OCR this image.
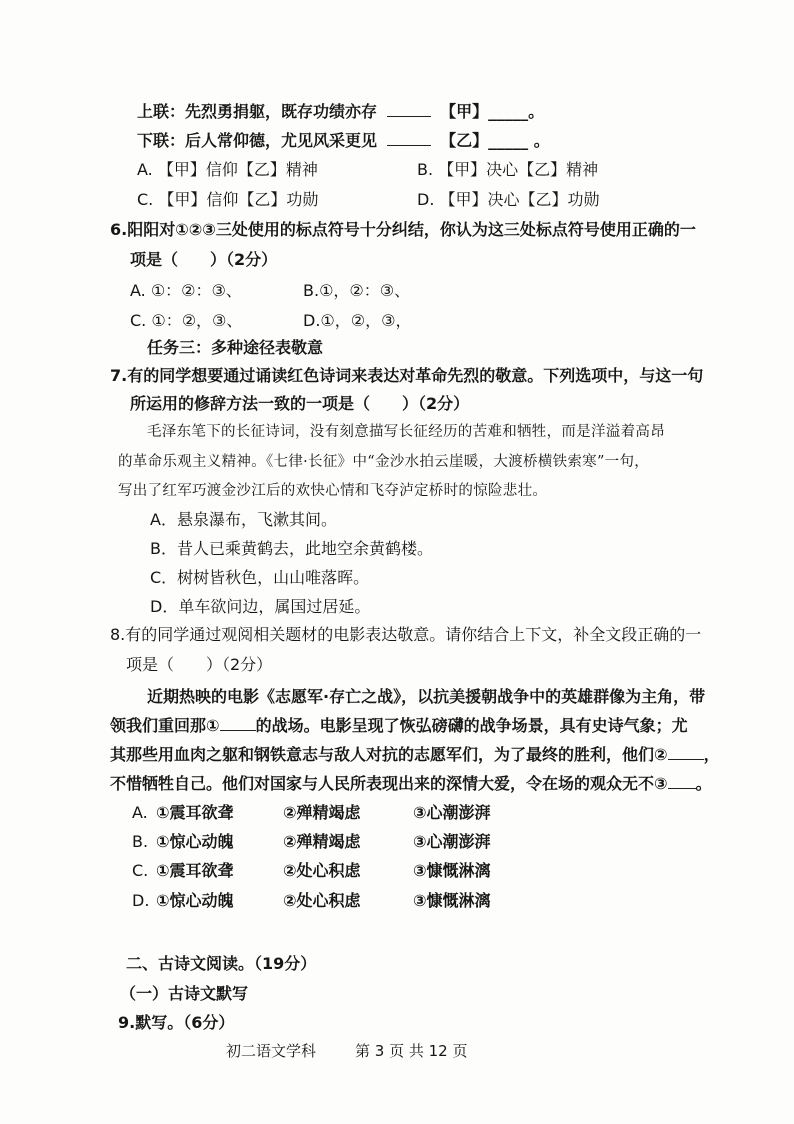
上联：先烈勇捐躯，既存功绩亦存	【甲】_____。
下联：后人常仰德，尤见风采更见	【乙】_____ 。
A. 【甲】信仰【乙】精神	B. 【甲】决心【乙】精神
C. 【甲】信仰【乙】功勋	D. 【甲】决心【乙】功勋
6.阳阳对①②③三处使用的标点符号十分纠结，你认为这三处标点符号使用正确的一
项是（　　）（2分）
A. ①：②：③、	B.①，②：③、
C. ①：②，③、	D.①，②，③，
任务三：多种途径表敬意
7.有的同学想要通过诵读红色诗词来表达对革命先烈的敬意。下列选项中，与这一句
所运用的修辞方法一致的一项是（　　）（2分）
毛泽东笔下的长征诗词，没有刻意描写长征经历的苦难和牺牲，而是洋溢着高昂
的革命乐观主义精神。《七律·长征》中“金沙水拍云崖暖，大渡桥横铁索寒”一句，
写出了红军巧渡金沙江后的欢快心情和飞夺泸定桥时的惊险悲壮。
A．悬泉瀑布，飞漱其间。
B．昔人已乘黄鹤去，此地空余黄鹤楼。
C．树树皆秋色，山山唯落晖。
D．单车欲问边，属国过居延。
8.有的同学通过观阅相关题材的电影表达敬意。请你结合上下文，补全文段正确的一
项是（　　）（2分）
近期热映的电影《志愿军·存亡之战》，以抗美援朝战争中的英雄群像为主角，带
领我们重回那① 的战场。电影呈现了恢弘磅礴的战争场景，具有史诗气象；尤
其那些用血肉之躯和钢铁意志与敌人对抗的志愿军们，为了最终的胜利，他们② ，
不惜牺牲自己。他们对国家与人民所表现出来的深情大爱，令在场的观众无不③ 。
A. ①震耳欲聋	②殚精竭虑	③心潮澎湃
B. ①惊心动魄	②殚精竭虑	③心潮澎湃
C. ①震耳欲聋	②处心积虑	③慷慨淋漓
D. ①惊心动魄	②处心积虑	③慷慨淋漓
二、古诗文阅读。（19分）
（一）古诗文默写
9.默写。（6分）
初二语文学科	第 3 页 共 12 页
